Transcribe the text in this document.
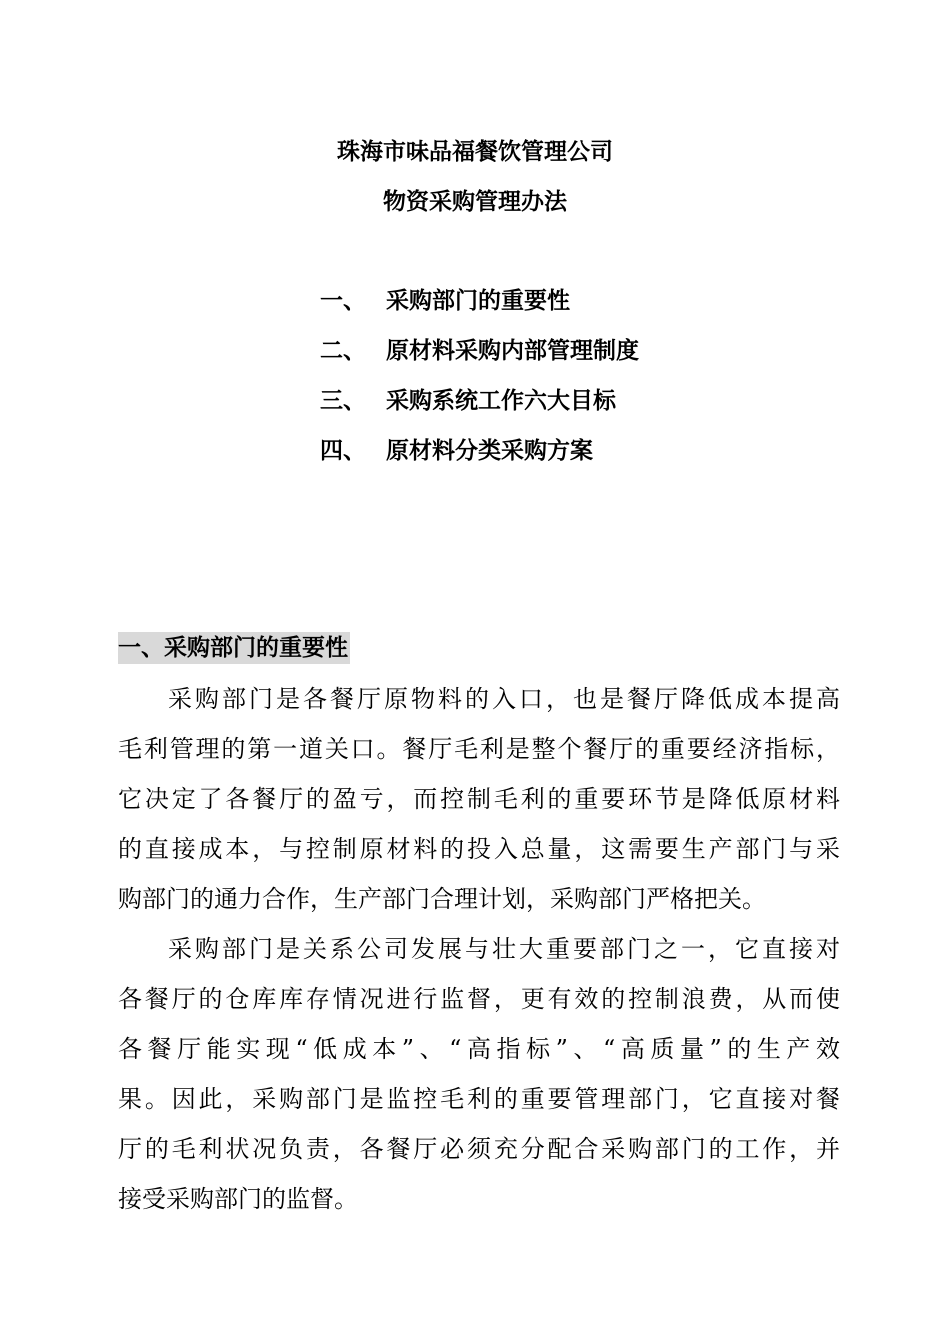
珠海市味品福餐饮管理公司
物资采购管理办法
一、 采购部门的重要性
二、 原材料采购内部管理制度
三、 采购系统工作六大目标
四、 原材料分类采购方案
一、采购部门的重要性
采购部门是各餐厅原物料的入口，也是餐厅降低成本提高
毛利管理的第一道关口。餐厅毛利是整个餐厅的重要经济指标，
它决定了各餐厅的盈亏，而控制毛利的重要环节是降低原材料
的直接成本，与控制原材料的投入总量，这需要生产部门与采
购部门的通力合作，生产部门合理计划，采购部门严格把关。
采购部门是关系公司发展与壮大重要部门之一，它直接对
各餐厅的仓库库存情况进行监督，更有效的控制浪费，从而使
各餐厅能实现“低成本”、“高指标”、“高质量”的生产效
果。因此，采购部门是监控毛利的重要管理部门，它直接对餐
厅的毛利状况负责，各餐厅必须充分配合采购部门的工作，并
接受采购部门的监督。
